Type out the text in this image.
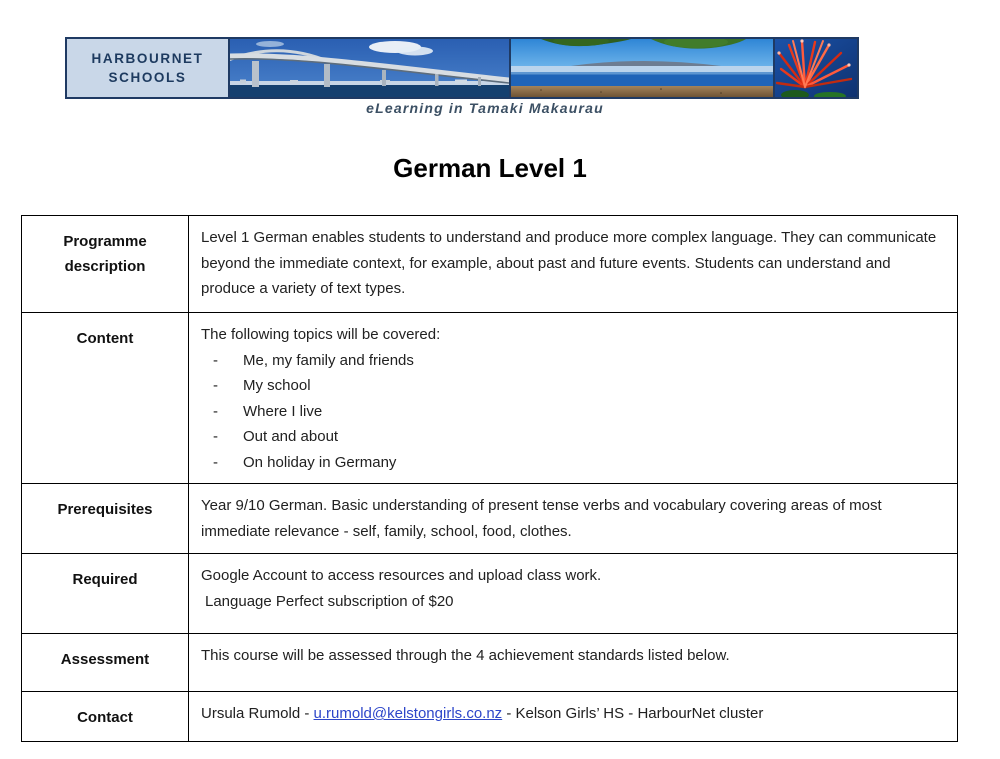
HARBOURNET
SCHOOLS
eLearning in Tamaki Makaurau
German Level 1
Programme description	Level 1 German enables students to understand and produce more complex language. They can communicate beyond the immediate context, for example, about past and future events. Students can understand and produce a variety of text types.
Content	The following topics will be covered:
- Me, my family and friends
- My school
- Where I live
- Out and about
- On holiday in Germany

Prerequisites	Year 9/10 German. Basic understanding of present tense verbs and vocabulary covering areas of most immediate relevance - self, family, school, food, clothes.
Required	Google Account to access resources and upload class work.
Language Perfect subscription of $20

Assessment	This course will be assessed through the 4 achievement standards listed below.
Contact	Ursula Rumold - u.rumold@kelstongirls.co.nz - Kelson Girls’ HS - HarbourNet cluster
